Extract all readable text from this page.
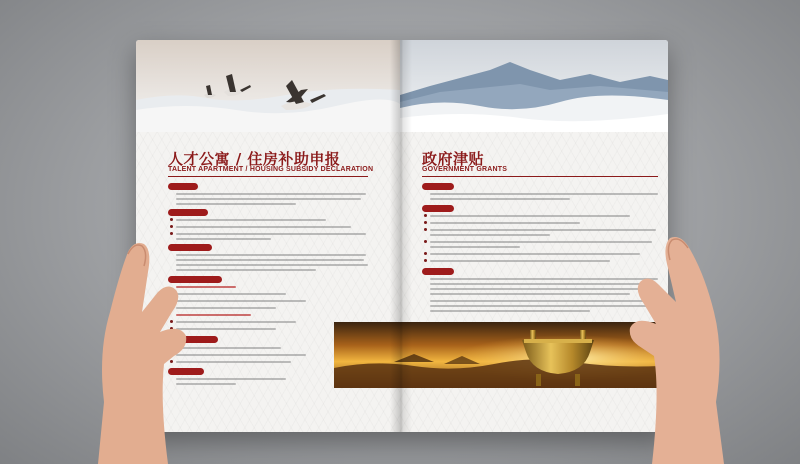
人才公寓 / 住房补助申报
TALENT APARTMENT / HOUSING SUBSIDY DECLARATION
政府津贴
GOVERNMENT GRANTS
